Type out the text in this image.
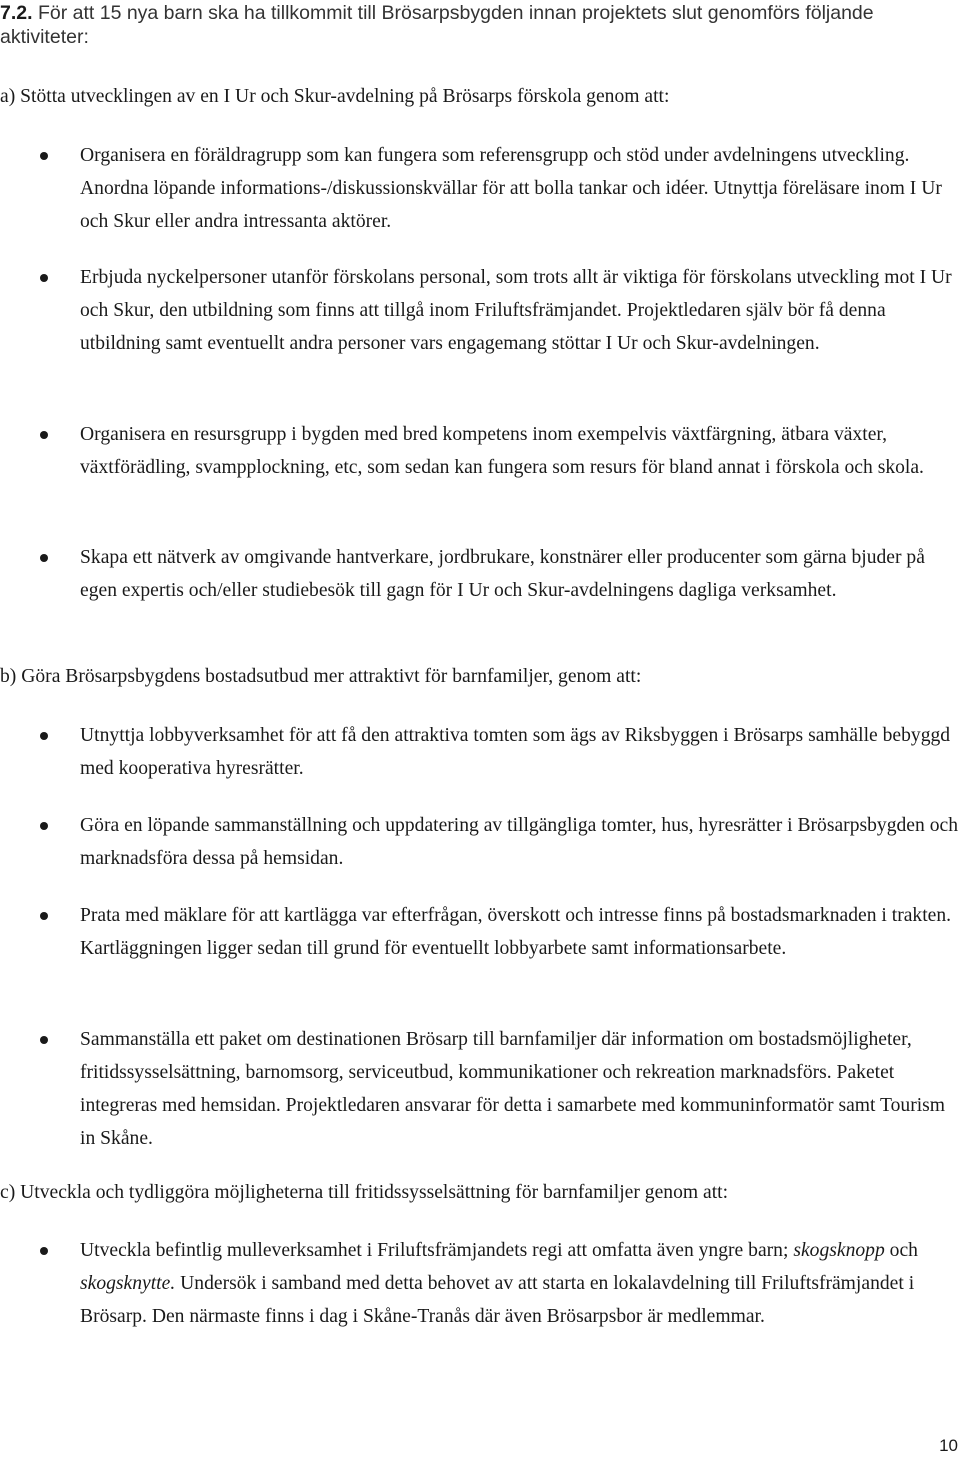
7.2. För att 15 nya barn ska ha tillkommit till Brösarpsbygden innan projektets slut genomförs följande aktiviteter:

a) Stötta utvecklingen av en I Ur och Skur-avdelning på Brösarps förskola genom att:

Organisera en föräldragrupp som kan fungera som referensgrupp och stöd under avdelningens utveckling. Anordna löpande informations-/diskussionskvällar för att bolla tankar och idéer. Utnyttja föreläsare inom I Ur och Skur eller andra intressanta aktörer.

Erbjuda nyckelpersoner utanför förskolans personal, som trots allt är viktiga för förskolans utveckling mot I Ur och Skur, den utbildning som finns att tillgå inom Friluftsfrämjandet. Projektledaren själv bör få denna utbildning samt eventuellt andra personer vars engagemang stöttar I Ur och Skur-avdelningen.

Organisera en resursgrupp i bygden med bred kompetens inom exempelvis växtfärgning, ätbara växter, växtförädling, svampplockning, etc, som sedan kan fungera som resurs för bland annat i förskola och skola.

Skapa ett nätverk av omgivande hantverkare, jordbrukare, konstnärer eller producenter som gärna bjuder på egen expertis och/eller studiebesök till gagn för I Ur och Skur-avdelningens dagliga verksamhet.

b) Göra Brösarpsbygdens bostadsutbud mer attraktivt för barnfamiljer, genom att:

Utnyttja lobbyverksamhet för att få den attraktiva tomten som ägs av Riksbyggen i Brösarps samhälle bebyggd med kooperativa hyresrätter.

Göra en löpande sammanställning och uppdatering av tillgängliga tomter, hus, hyresrätter i Brösarpsbygden och marknadsföra dessa på hemsidan.

Prata med mäklare för att kartlägga var efterfrågan, överskott och intresse finns på bostadsmarknaden i trakten. Kartläggningen ligger sedan till grund för eventuellt lobbyarbete samt informationsarbete.

Sammanställa ett paket om destinationen Brösarp till barnfamiljer där information om bostadsmöjligheter, fritidssysselsättning, barnomsorg, serviceutbud, kommunikationer och rekreation marknadsförs. Paketet integreras med hemsidan. Projektledaren ansvarar för detta i samarbete med kommuninformatör samt Tourism in Skåne.

c) Utveckla och tydliggöra möjligheterna till fritidssysselsättning för barnfamiljer genom att:

Utveckla befintlig mulleverksamhet i Friluftsfrämjandets regi att omfatta även yngre barn; skogsknopp och skogsknytte. Undersök i samband med detta behovet av att starta en lokalavdelning till Friluftsfrämjandet i Brösarp. Den närmaste finns i dag i Skåne-Tranås där även Brösarpsbor är medlemmar.

10
